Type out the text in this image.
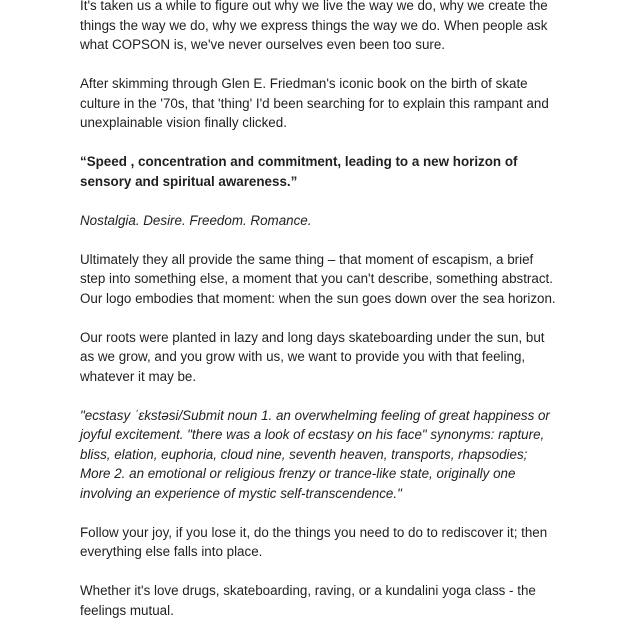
It's taken us a while to figure out why we live the way we do, why we create the things the way we do, why we express things the way we do. When people ask what COPSON is, we've never ourselves even been too sure.

After skimming through Glen E. Friedman's iconic book on the birth of skate culture in the '70s, that 'thing' I'd been searching for to explain this rampant and unexplainable vision finally clicked.

“Speed , concentration and commitment, leading to a new horizon of sensory and spiritual awareness.”

Nostalgia. Desire. Freedom. Romance.

Ultimately they all provide the same thing – that moment of escapism, a brief step into something else, a moment that you can't describe, something abstract. Our logo embodies that moment: when the sun goes down over the sea horizon.

Our roots were planted in lazy and long days skateboarding under the sun, but as we grow, and you grow with us, we want to provide you with that feeling, whatever it may be.

"ecstasy ˈɛkstəsi/Submit noun 1. an overwhelming feeling of great happiness or joyful excitement. "there was a look of ecstasy on his face" synonyms: rapture, bliss, elation, euphoria, cloud nine, seventh heaven, transports, rhapsodies; More 2. an emotional or religious frenzy or trance-like state, originally one involving an experience of mystic self-transcendence."

Follow your joy, if you lose it, do the things you need to do to rediscover it; then everything else falls into place.

Whether it's love drugs, skateboarding, raving, or a kundalini yoga class - the feelings mutual.
